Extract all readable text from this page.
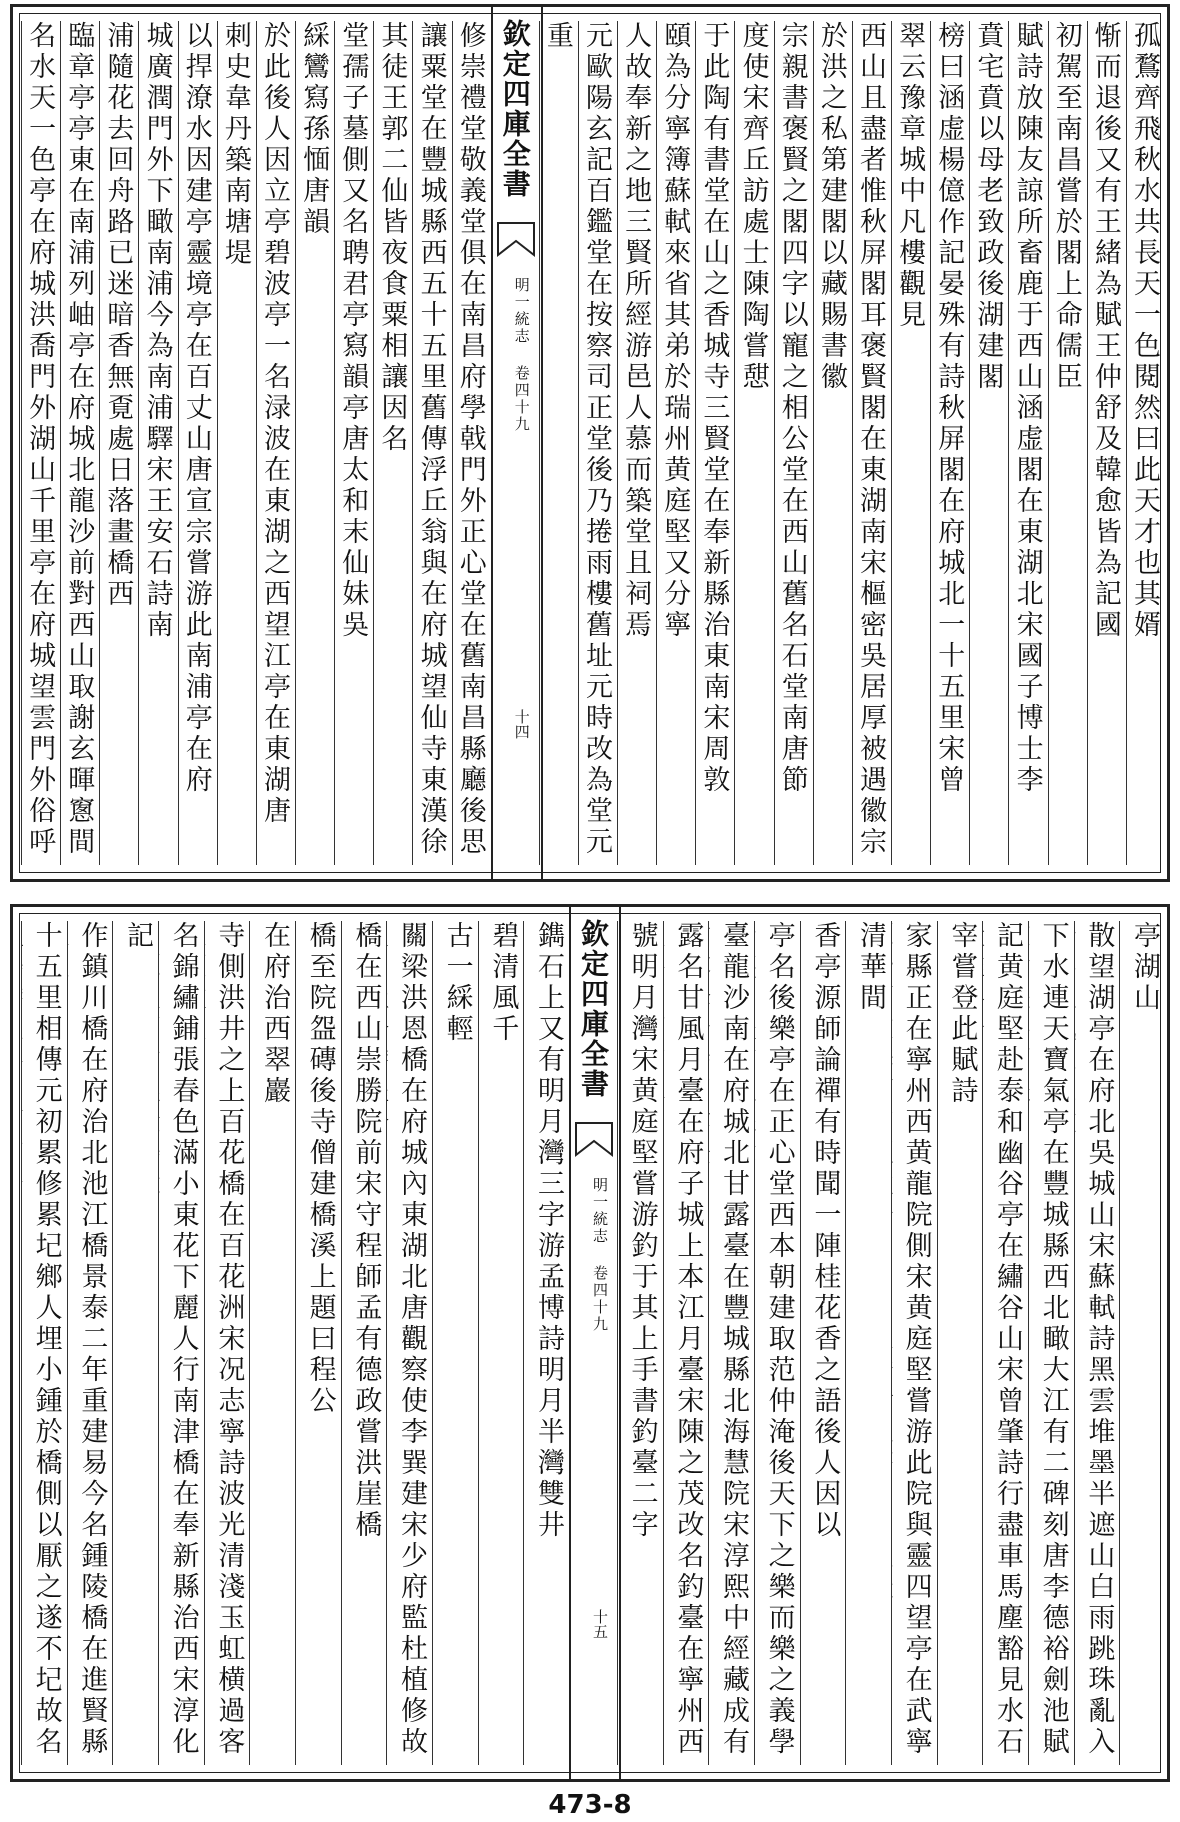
名水天一色亭在府城洪喬門外湖山千里亭在府城望雲門外俗呼
臨章亭亭東在南浦列岫亭在府城北龍沙前對西山取謝玄暉窻間
浦隨花去回舟路已迷暗香無覔處日落畫橋西 城廣潤門外下瞰南浦今為南浦驛宋王安石詩南 以捍潦水因建亭靈境亭在百丈山唐宣宗嘗游此南浦亭在府 刺史韋丹築南塘堤 於此後人因立亭碧波亭一名渌波在東湖之西望江亭在東湖唐 綵鸞寫孫愐唐韻 堂孺子墓側又名聘君亭寫韻亭唐太和末仙妹吳 其徒王郭二仙皆夜食粟相讓因名 讓粟堂在豐城縣西五十五里舊傳浮丘翁與在府城望仙寺東漢徐
修崇禮堂敬義堂俱在南昌府學戟門外正心堂在舊南昌縣廳後思
重 元歐陽玄記百鑑堂在按察司正堂後乃捲雨樓舊址元時改為堂元
人故奉新之地三賢所經游邑人慕而築堂且祠焉 頤為分寧簿蘇軾來省其弟於瑞州黄庭堅又分寧 于此陶有書堂在山之香城寺三賢堂在奉新縣治東南宋周敦 度使宋齊丘訪處士陳陶嘗憇 宗親書褒賢之閣四字以寵之相公堂在西山舊名石堂南唐節 於洪之私第建閣以藏賜書徽 西山且盡者惟秋屏閣耳褒賢閣在東湖南宋樞密吳居厚被遇徽宗 翠云豫章城中凡樓觀見 榜曰涵虚楊億作記晏殊有詩秋屏閣在府城北一十五里宋曾 賁宅賁以母老致政後湖建閣 賦詩放陳友諒所畜鹿于西山涵虚閣在東湖北宋國子博士李 初駕至南昌嘗於閣上命儒臣 惭而退後又有王緒為賦王仲舒及韓愈皆為記國 孤鶩齊飛秋水共長天一色閱然曰此天才也其婿
欽定四庫全書
明一統志 卷四十九
十四
十五里相傳元初累修累圮鄉人埋小鍾於橋側以厭之遂不圮故名
作鎮川橋在府治北池江橋景泰二年重建易今名鍾陵橋在進賢縣
記 名錦繡鋪張春色滿小東花下麗人行南津橋在奉新縣治西宋淳化
寺側洪井之上百花橋在百花洲宋况志寧詩波光清淺玉虹横過客
在府治西翠巖 橋至院盌磚後寺僧建橋溪上題曰程公 橋在西山崇勝院前宋守程師孟有德政嘗洪崖橋 關梁洪恩橋在府城內東湖北唐觀察使李巽建宋少府監杜植修故
古一綵輕 碧清風千 鐫石上又有明月灣三字游孟博詩明月半灣雙井	號明月灣宋黄庭堅嘗游釣于其上手書釣臺二字 露名甘風月臺在府子城上本江月臺宋陳之茂改名釣臺在寧州西
臺龍沙南在府城北甘露臺在豐城縣北海慧院宋淳熙中經藏成有
亭名後樂亭在正心堂西本朝建取范仲淹後天下之樂而樂之義學
香亭源師論禪有時聞一陣桂花香之語後人因以 清華間 家縣正在寧州西黄龍院側宋黄庭堅嘗游此院與靈四望亭在武寧
宰嘗登此賦詩 記黄庭堅赴泰和幽谷亭在繡谷山宋曾肇詩行盡車馬塵豁見水石
下水連天寶氣亭在豐城縣西北瞰大江有二碑刻唐李德裕劍池賦
散望湖亭在府北吳城山宋蘇軾詩黑雲堆墨半遮山白雨跳珠亂入
亭湖山
欽定四庫全書
明一統志 卷四十九
十五
473-8
